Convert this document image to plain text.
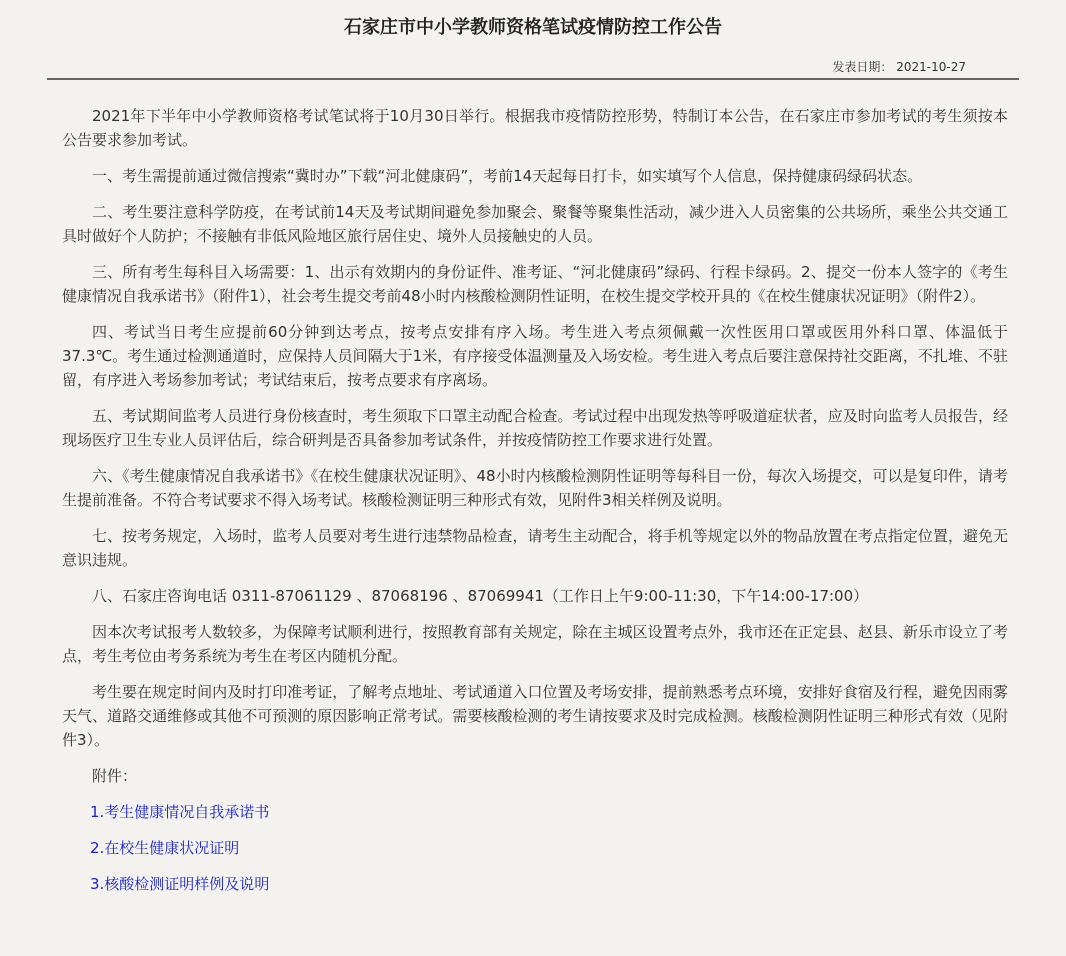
石家庄市中小学教师资格笔试疫情防控工作公告
发表日期： 2021-10-27

2021年下半年中小学教师资格考试笔试将于10月30日举行。根据我市疫情防控形势，特制订本公告，在石家庄市参加考试的考生须按本公告要求参加考试。

一、考生需提前通过微信搜索“冀时办”下载“河北健康码”，考前14天起每日打卡，如实填写个人信息，保持健康码绿码状态。

二、考生要注意科学防疫，在考试前14天及考试期间避免参加聚会、聚餐等聚集性活动，减少进入人员密集的公共场所，乘坐公共交通工具时做好个人防护；不接触有非低风险地区旅行居住史、境外人员接触史的人员。

三、所有考生每科目入场需要：1、出示有效期内的身份证件、准考证、“河北健康码”绿码、行程卡绿码。2、提交一份本人签字的《考生健康情况自我承诺书》（附件1），社会考生提交考前48小时内核酸检测阴性证明，在校生提交学校开具的《在校生健康状况证明》（附件2）。

四、考试当日考生应提前60分钟到达考点，按考点安排有序入场。考生进入考点须佩戴一次性医用口罩或医用外科口罩、体温低于37.3℃。考生通过检测通道时，应保持人员间隔大于1米，有序接受体温测量及入场安检。考生进入考点后要注意保持社交距离，不扎堆、不驻留，有序进入考场参加考试；考试结束后，按考点要求有序离场。

五、考试期间监考人员进行身份核查时，考生须取下口罩主动配合检查。考试过程中出现发热等呼吸道症状者，应及时向监考人员报告，经现场医疗卫生专业人员评估后，综合研判是否具备参加考试条件，并按疫情防控工作要求进行处置。

六、《考生健康情况自我承诺书》《在校生健康状况证明》、48小时内核酸检测阴性证明等每科目一份，每次入场提交，可以是复印件，请考生提前准备。不符合考试要求不得入场考试。核酸检测证明三种形式有效，见附件3相关样例及说明。

七、按考务规定，入场时，监考人员要对考生进行违禁物品检查，请考生主动配合，将手机等规定以外的物品放置在考点指定位置，避免无意识违规。

八、石家庄咨询电话 0311-87061129 、87068196 、87069941（工作日上午9:00-11:30，下午14:00-17:00）

因本次考试报考人数较多，为保障考试顺利进行，按照教育部有关规定，除在主城区设置考点外，我市还在正定县、赵县、新乐市设立了考点，考生考位由考务系统为考生在考区内随机分配。

考生要在规定时间内及时打印准考证，了解考点地址、考试通道入口位置及考场安排，提前熟悉考点环境，安排好食宿及行程，避免因雨雾天气、道路交通维修或其他不可预测的原因影响正常考试。需要核酸检测的考生请按要求及时完成检测。核酸检测阴性证明三种形式有效（见附件3）。

附件：

1.考生健康情况自我承诺书
2.在校生健康状况证明
3.核酸检测证明样例及说明
